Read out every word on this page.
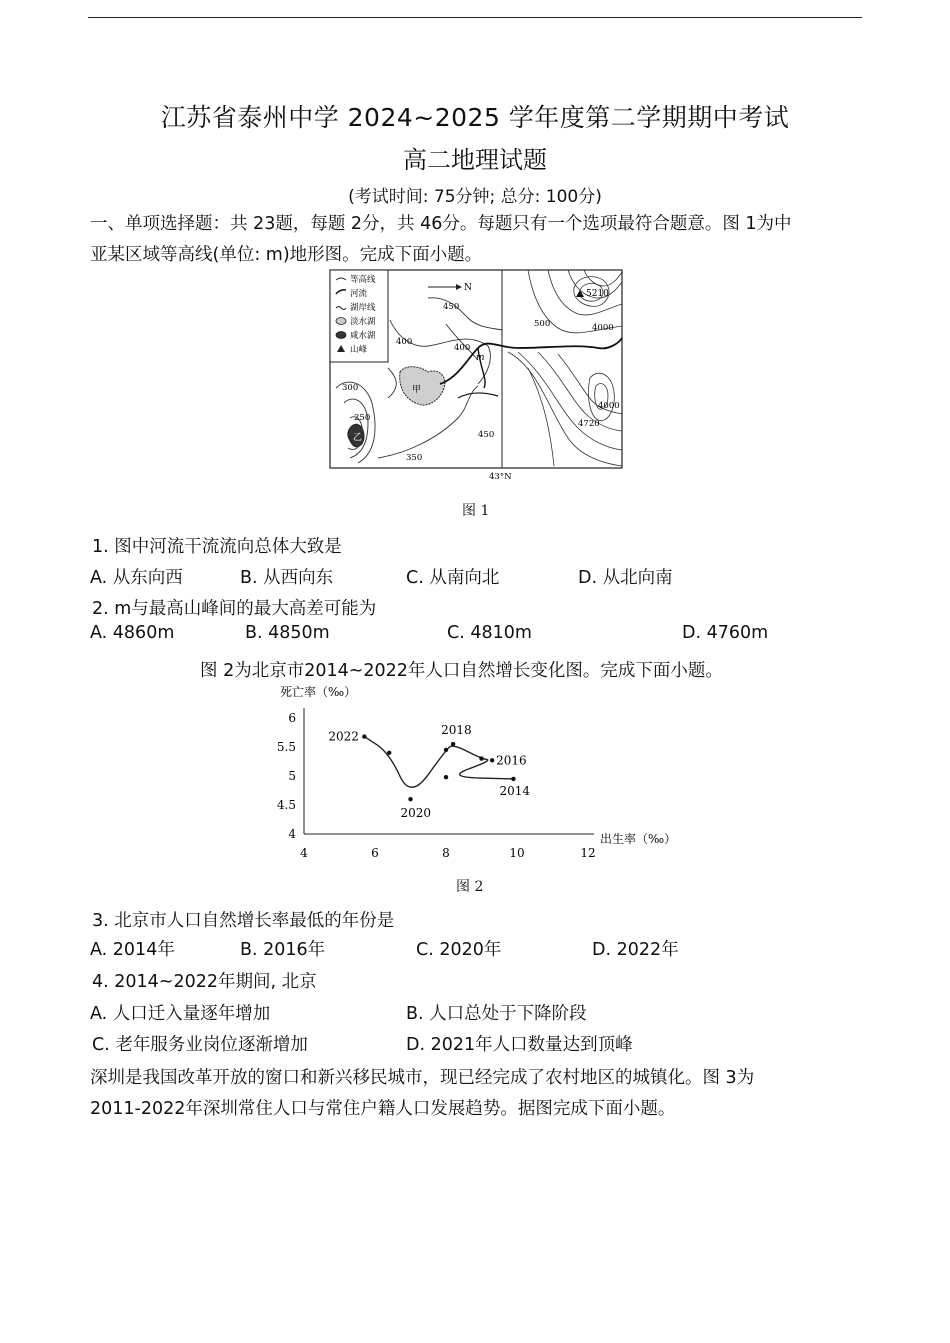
江苏省泰州中学 2024~2025 学年度第二学期期中考试
高二地理试题
(考试时间: 75分钟; 总分: 100分)
一、单项选择题：共 23题，每题 2分，共 46分。每题只有一个选项最符合题意。图 1为中
亚某区域等高线(单位: m)地形图。完成下面小题。
等高线
河流
湖岸线
淡水湖
咸水湖
山峰
N
43°N
甲
乙
5210
450
400
400
300
250
350
450
500	4000
4000
4720
m
图 1
1. 图中河流干流流向总体大致是
A. 从东向西	B. 从西向东	C. 从南向北	D. 从北向南
2. m与最高山峰间的最大高差可能为
A. 4860m	B. 4850m	C. 4810m	D. 4760m
图 2为北京市2014~2022年人口自然增长变化图。完成下面小题。
死亡率（‰）
出生率（‰）
4	6	8	10	12
4
4.5
5
5.5
6
2014
2016
2018
2020
2022
图 2
3. 北京市人口自然增长率最低的年份是
A. 2014年	B. 2016年	C. 2020年	D. 2022年
4. 2014~2022年期间, 北京
A. 人口迁入量逐年增加	B. 人口总处于下降阶段
C. 老年服务业岗位逐渐增加	D. 2021年人口数量达到顶峰
深圳是我国改革开放的窗口和新兴移民城市，现已经完成了农村地区的城镇化。图 3为
2011-2022年深圳常住人口与常住户籍人口发展趋势。据图完成下面小题。
